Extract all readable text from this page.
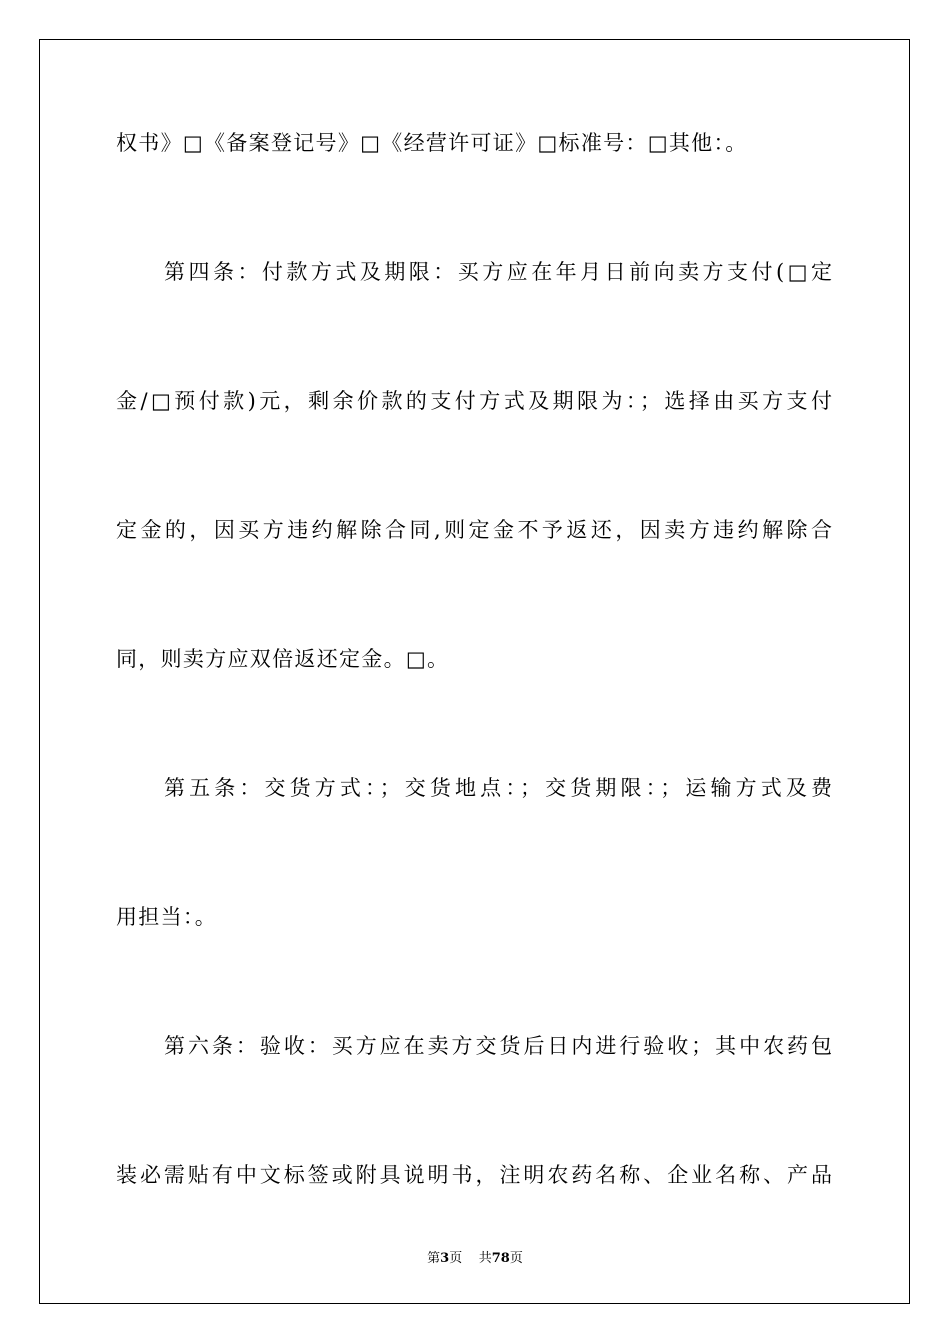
权书》□《备案登记号》□《经营许可证》□标准号：□其他：。
第四条：付款方式及期限：买方应在年月日前向卖方支付(□定
金/□预付款)元，剩余价款的支付方式及期限为：；选择由买方支付
定金的，因买方违约解除合同,则定金不予返还，因卖方违约解除合
同，则卖方应双倍返还定金。□。
第五条：交货方式：；交货地点：；交货期限：；运输方式及费
用担当：。
第六条：验收：买方应在卖方交货后日内进行验收；其中农药包
装必需贴有中文标签或附具说明书，注明农药名称、企业名称、产品
第3页 共78页
